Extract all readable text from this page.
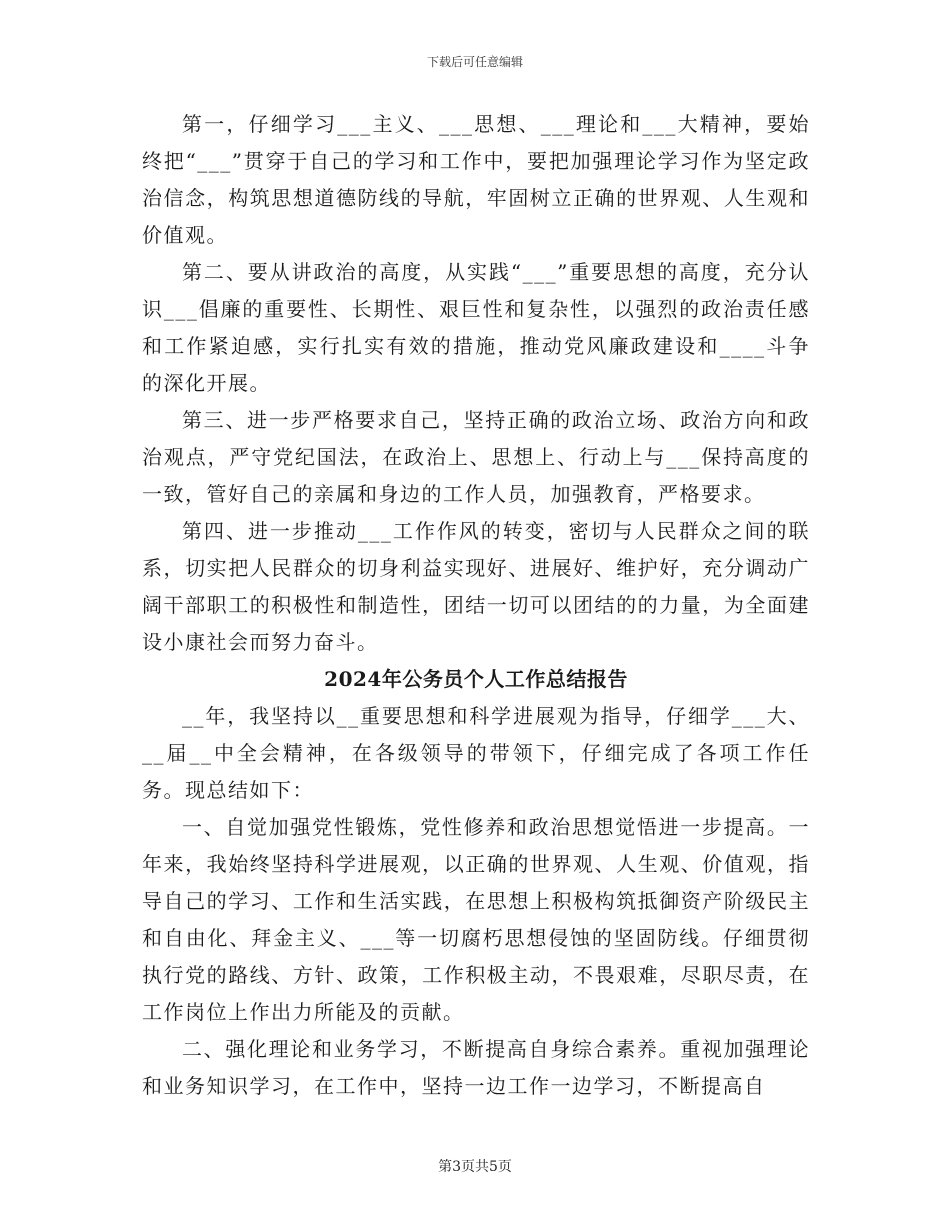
下载后可任意编辑

第一，仔细学习___主义、___思想、___理论和___大精神，要始终把“___”贯穿于自己的学习和工作中，要把加强理论学习作为坚定政治信念，构筑思想道德防线的导航，牢固树立正确的世界观、人生观和价值观。

第二、要从讲政治的高度，从实践“___”重要思想的高度，充分认识___倡廉的重要性、长期性、艰巨性和复杂性，以强烈的政治责任感和工作紧迫感，实行扎实有效的措施，推动党风廉政建设和____斗争的深化开展。

第三、进一步严格要求自己，坚持正确的政治立场、政治方向和政治观点，严守党纪国法，在政治上、思想上、行动上与___保持高度的一致，管好自己的亲属和身边的工作人员，加强教育，严格要求。

第四、进一步推动___工作作风的转变，密切与人民群众之间的联系，切实把人民群众的切身利益实现好、进展好、维护好，充分调动广阔干部职工的积极性和制造性，团结一切可以团结的的力量，为全面建设小康社会而努力奋斗。

2024年公务员个人工作总结报告

__年，我坚持以__重要思想和科学进展观为指导，仔细学___大、__届__中全会精神，在各级领导的带领下，仔细完成了各项工作任务。现总结如下：

一、自觉加强党性锻炼，党性修养和政治思想觉悟进一步提高。一年来，我始终坚持科学进展观，以正确的世界观、人生观、价值观，指导自己的学习、工作和生活实践，在思想上积极构筑抵御资产阶级民主和自由化、拜金主义、___等一切腐朽思想侵蚀的坚固防线。仔细贯彻执行党的路线、方针、政策，工作积极主动，不畏艰难，尽职尽责，在工作岗位上作出力所能及的贡献。

二、强化理论和业务学习，不断提高自身综合素养。重视加强理论和业务知识学习，在工作中，坚持一边工作一边学习，不断提高自

第3页共5页
